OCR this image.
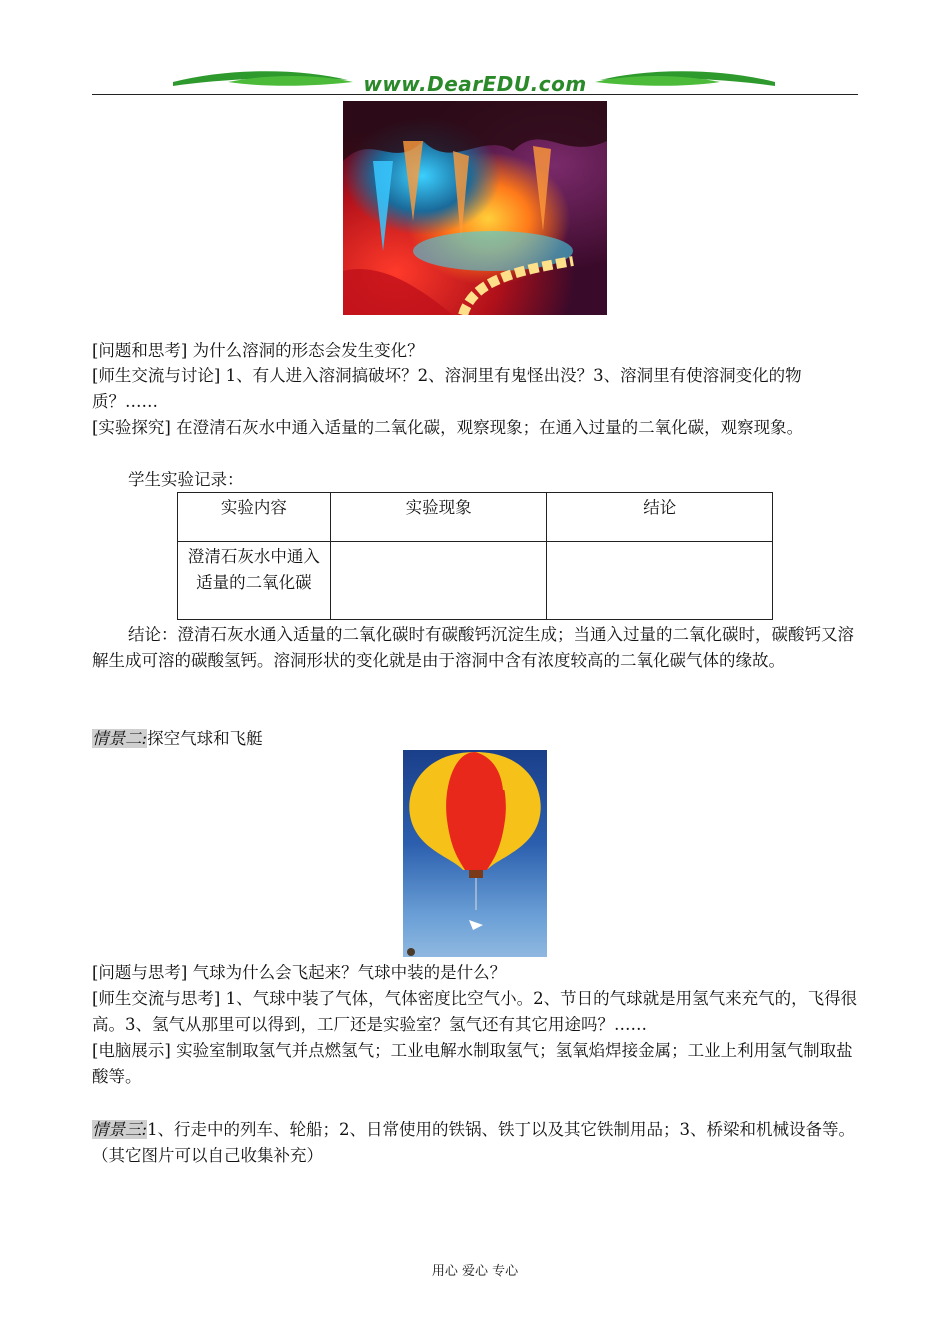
www.DearEDU.com

[问题和思考] 为什么溶洞的形态会发生变化？

[师生交流与讨论] 1、有人进入溶洞搞破坏？2、溶洞里有鬼怪出没？3、溶洞里有使溶洞变化的物质？……

[实验探究] 在澄清石灰水中通入适量的二氧化碳，观察现象；在通入过量的二氧化碳，观察现象。

学生实验记录：

实验内容	实验现象	结论
澄清石灰水中通入适量的二氧化碳		

结论：澄清石灰水通入适量的二氧化碳时有碳酸钙沉淀生成；当通入过量的二氧化碳时，碳酸钙又溶解生成可溶的碳酸氢钙。溶洞形状的变化就是由于溶洞中含有浓度较高的二氧化碳气体的缘故。

情景二:探空气球和飞艇

[问题与思考] 气球为什么会飞起来？气球中装的是什么？

[师生交流与思考] 1、气球中装了气体，气体密度比空气小。2、节日的气球就是用氢气来充气的，飞得很高。3、氢气从那里可以得到，工厂还是实验室？氢气还有其它用途吗？……

[电脑展示] 实验室制取氢气并点燃氢气；工业电解水制取氢气；氢氧焰焊接金属；工业上利用氢气制取盐酸等。

情景三:1、行走中的列车、轮船；2、日常使用的铁锅、铁丁以及其它铁制用品；3、桥梁和机械设备等。（其它图片可以自己收集补充）

用心 爱心 专心
